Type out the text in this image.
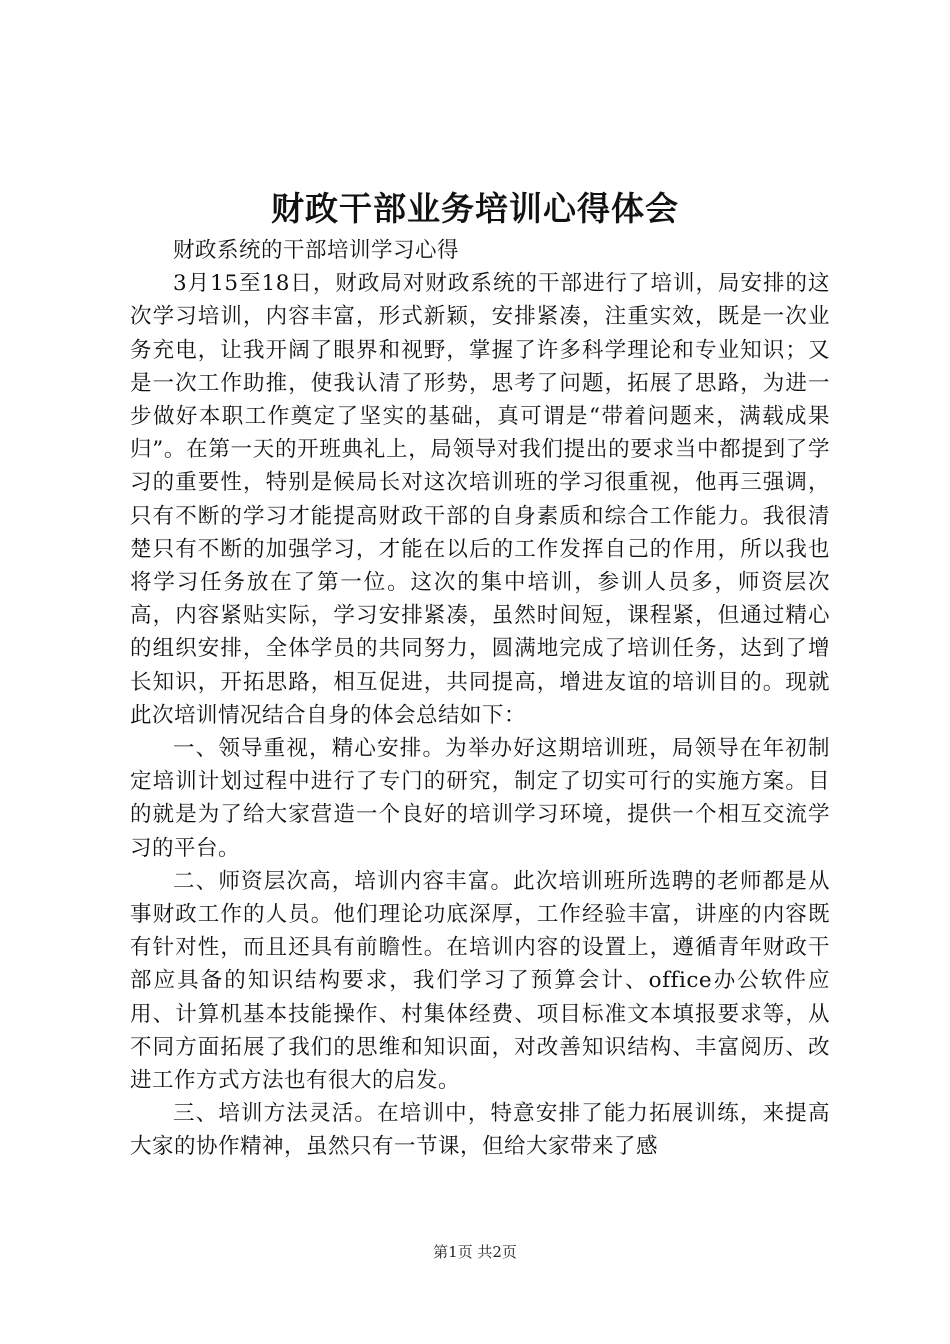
财政干部业务培训心得体会

财政系统的干部培训学习心得

3月15至18日，财政局对财政系统的干部进行了培训，局安排的这次学习培训，内容丰富，形式新颖，安排紧凑，注重实效，既是一次业务充电，让我开阔了眼界和视野，掌握了许多科学理论和专业知识；又是一次工作助推，使我认清了形势，思考了问题，拓展了思路，为进一步做好本职工作奠定了坚实的基础，真可谓是“带着问题来，满载成果归”。在第一天的开班典礼上，局领导对我们提出的要求当中都提到了学习的重要性，特别是候局长对这次培训班的学习很重视，他再三强调，只有不断的学习才能提高财政干部的自身素质和综合工作能力。我很清楚只有不断的加强学习，才能在以后的工作发挥自己的作用，所以我也将学习任务放在了第一位。这次的集中培训，参训人员多，师资层次高，内容紧贴实际，学习安排紧凑，虽然时间短，课程紧，但通过精心的组织安排，全体学员的共同努力，圆满地完成了培训任务，达到了增长知识，开拓思路，相互促进，共同提高，增进友谊的培训目的。现就此次培训情况结合自身的体会总结如下：

一、领导重视，精心安排。为举办好这期培训班，局领导在年初制定培训计划过程中进行了专门的研究，制定了切实可行的实施方案。目的就是为了给大家营造一个良好的培训学习环境，提供一个相互交流学习的平台。

二、师资层次高，培训内容丰富。此次培训班所选聘的老师都是从事财政工作的人员。他们理论功底深厚，工作经验丰富，讲座的内容既有针对性，而且还具有前瞻性。在培训内容的设置上，遵循青年财政干部应具备的知识结构要求，我们学习了预算会计、office办公软件应用、计算机基本技能操作、村集体经费、项目标准文本填报要求等，从不同方面拓展了我们的思维和知识面，对改善知识结构、丰富阅历、改进工作方式方法也有很大的启发。

三、培训方法灵活。在培训中，特意安排了能力拓展训练，来提高大家的协作精神，虽然只有一节课，但给大家带来了感

第1页 共2页
